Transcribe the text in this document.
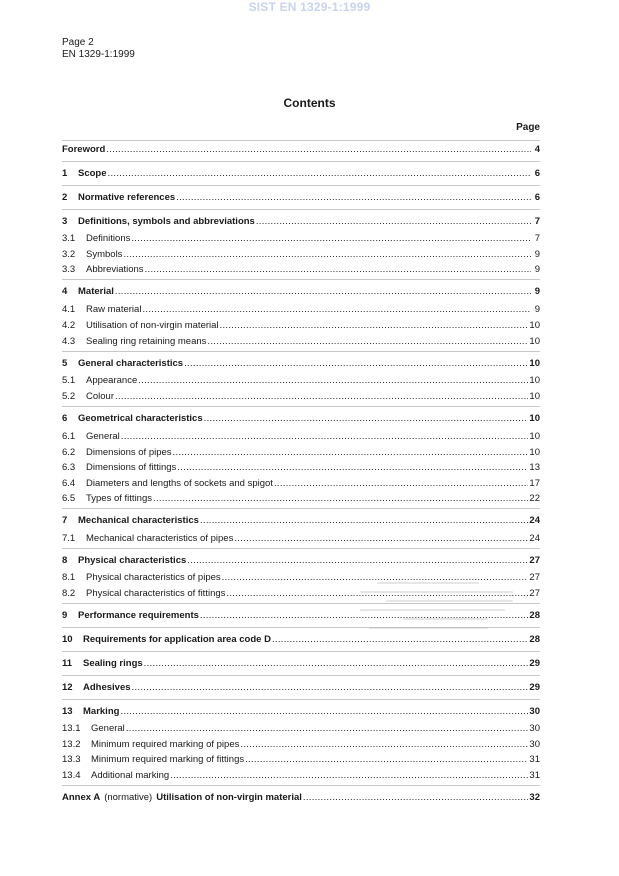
SIST EN 1329-1:1999
Page 2
EN 1329-1:1999
Contents
Page
Foreword .....	4
1	Scope .....	6
2	Normative references .....	6
3	Definitions, symbols and abbreviations .....	7
3.1	Definitions .....	7
3.2	Symbols .....	9
3.3	Abbreviations .....	9
4	Material .....	9
4.1	Raw material .....	9
4.2	Utilisation of non-virgin material .....	10
4.3	Sealing ring retaining means .....	10
5	General characteristics .....	10
5.1	Appearance .....	10
5.2	Colour .....	10
6	Geometrical characteristics .....	10
6.1	General .....	10
6.2	Dimensions of pipes .....	10
6.3	Dimensions of fittings .....	13
6.4	Diameters and lengths of sockets and spigot .....	17
6.5	Types of fittings .....	22
7	Mechanical characteristics .....	24
7.1	Mechanical characteristics of pipes .....	24
8	Physical characteristics .....	27
8.1	Physical characteristics of pipes .....	27
8.2	Physical characteristics of fittings .....	27
9	Performance requirements .....	28
10	Requirements for application area code D .....	28
11	Sealing rings .....	29
12	Adhesives .....	29
13	Marking .....	30
13.1	General .....	30
13.2	Minimum required marking of pipes .....	30
13.3	Minimum required marking of fittings .....	31
13.4	Additional marking .....	31
Annex A (normative) Utilisation of non-virgin material .....	32
